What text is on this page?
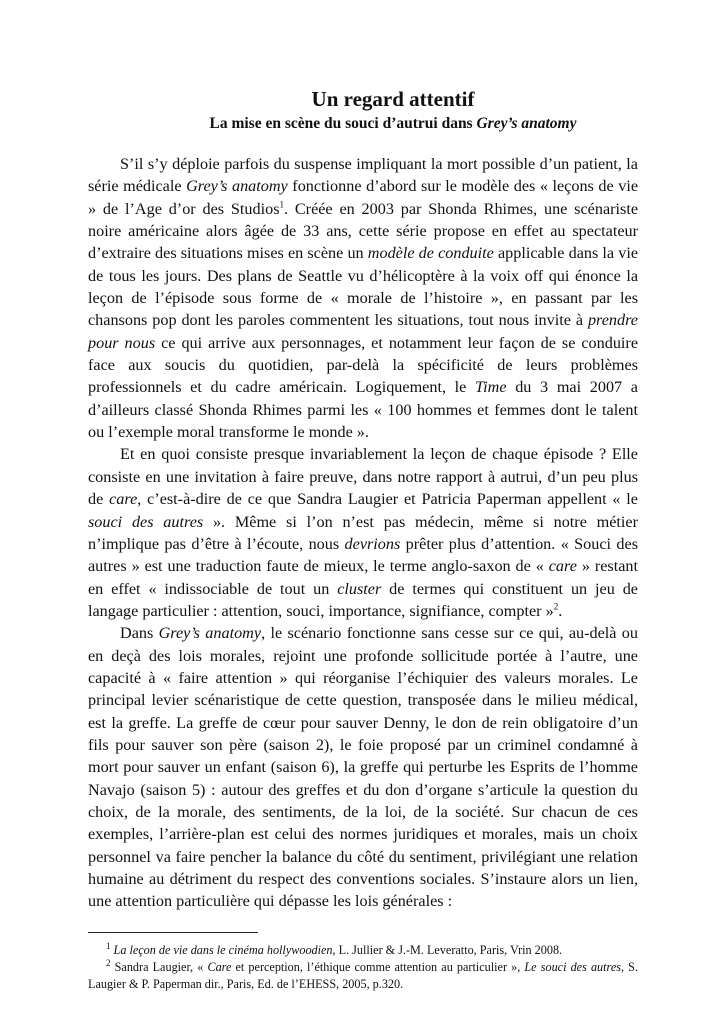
Un regard attentif
La mise en scène du souci d’autrui dans Grey’s anatomy

S’il s’y déploie parfois du suspense impliquant la mort possible d’un patient, la série médicale Grey’s anatomy fonctionne d’abord sur le modèle des « leçons de vie » de l’Age d’or des Studios$^1$. Créée en 2003 par Shonda Rhimes, une scénariste noire américaine alors âgée de 33 ans, cette série propose en effet au spectateur d’extraire des situations mises en scène un modèle de conduite applicable dans la vie de tous les jours. Des plans de Seattle vu d’hélicoptère à la voix off qui énonce la leçon de l’épisode sous forme de « morale de l’histoire », en passant par les chansons pop dont les paroles commentent les situations, tout nous invite à prendre pour nous ce qui arrive aux personnages, et notamment leur façon de se conduire face aux soucis du quotidien, par-delà la spécificité de leurs problèmes professionnels et du cadre américain. Logiquement, le Time du 3 mai 2007 a d’ailleurs classé Shonda Rhimes parmi les « 100 hommes et femmes dont le talent ou l’exemple moral transforme le monde ».

Et en quoi consiste presque invariablement la leçon de chaque épisode ? Elle consiste en une invitation à faire preuve, dans notre rapport à autrui, d’un peu plus de care, c’est-à-dire de ce que Sandra Laugier et Patricia Paperman appellent « le souci des autres ». Même si l’on n’est pas médecin, même si notre métier n’implique pas d’être à l’écoute, nous devrions prêter plus d’attention. « Souci des autres » est une traduction faute de mieux, le terme anglo-saxon de « care » restant en effet « indissociable de tout un cluster de termes qui constituent un jeu de langage particulier : attention, souci, importance, signifiance, compter »$^2$.

Dans Grey’s anatomy, le scénario fonctionne sans cesse sur ce qui, au-delà ou en deçà des lois morales, rejoint une profonde sollicitude portée à l’autre, une capacité à « faire attention » qui réorganise l’échiquier des valeurs morales. Le principal levier scénaristique de cette question, transposée dans le milieu médical, est la greffe. La greffe de cœur pour sauver Denny, le don de rein obligatoire d’un fils pour sauver son père (saison 2), le foie proposé par un criminel condamné à mort pour sauver un enfant (saison 6), la greffe qui perturbe les Esprits de l’homme Navajo (saison 5) : autour des greffes et du don d’organe s’articule la question du choix, de la morale, des sentiments, de la loi, de la société. Sur chacun de ces exemples, l’arrière-plan est celui des normes juridiques et morales, mais un choix personnel va faire pencher la balance du côté du sentiment, privilégiant une relation humaine au détriment du respect des conventions sociales. S’instaure alors un lien, une attention particulière qui dépasse les lois générales :

$^1$ La leçon de vie dans le cinéma hollywoodien, L. Jullier & J.-M. Leveratto, Paris, Vrin 2008.

$^2$ Sandra Laugier, « Care et perception, l’éthique comme attention au particulier », Le souci des autres, S. Laugier & P. Paperman dir., Paris, Ed. de l’EHESS, 2005, p.320.
